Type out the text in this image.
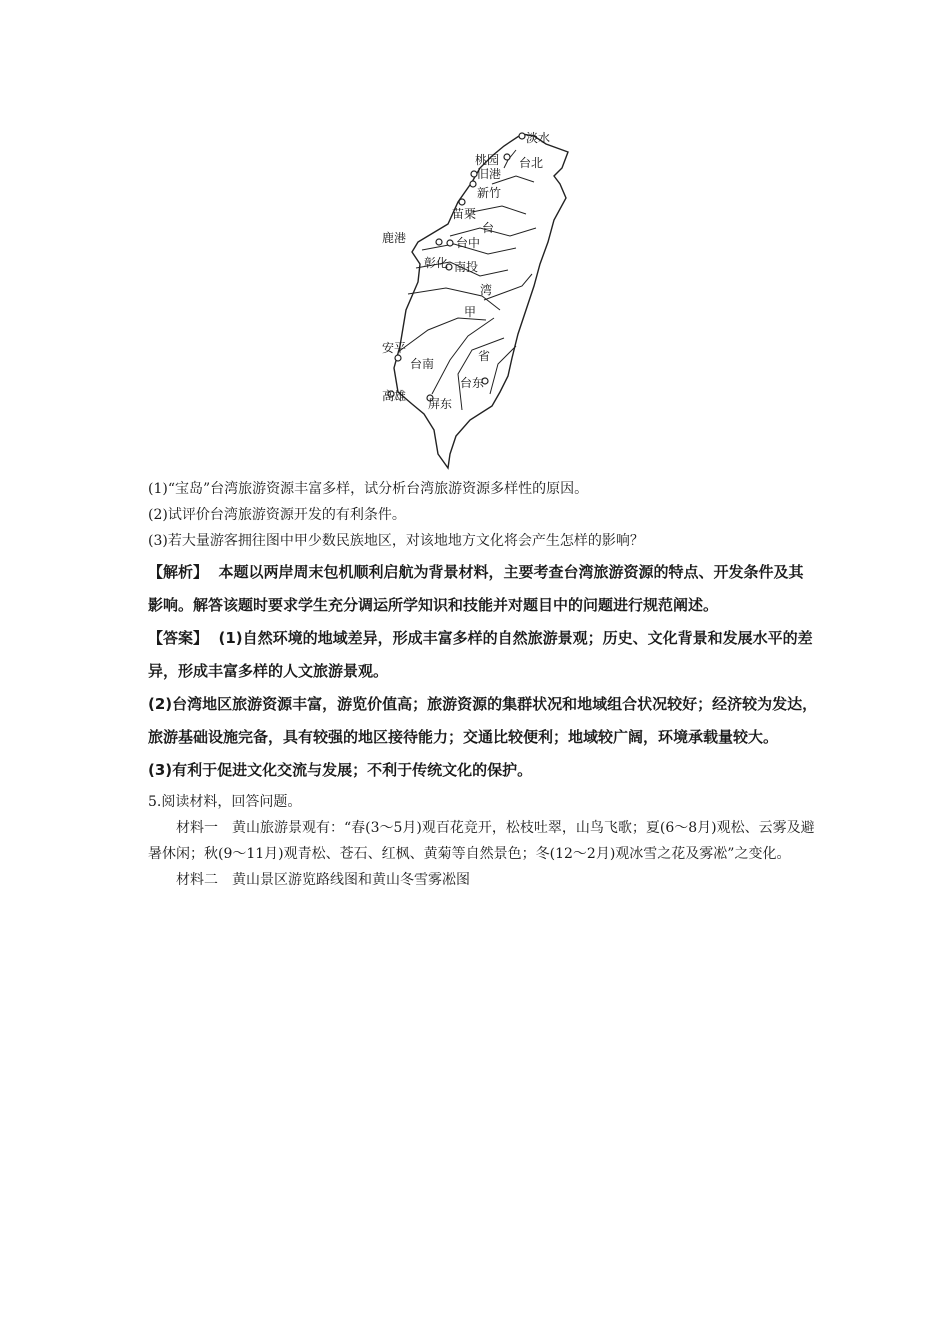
淡水
桃园 台北
旧港
新竹
苗栗
台
鹿港	台中
彰化 南投
湾
甲
省
安平
台南
台东
高雄
屏东

(1)“宝岛”台湾旅游资源丰富多样，试分析台湾旅游资源多样性的原因。

(2)试评价台湾旅游资源开发的有利条件。

(3)若大量游客拥往图中甲少数民族地区，对该地地方文化将会产生怎样的影响？

【解析】 本题以两岸周末包机顺利启航为背景材料，主要考查台湾旅游资源的特点、开发条件及其影响。解答该题时要求学生充分调运所学知识和技能并对题目中的问题进行规范阐述。

【答案】 (1)自然环境的地域差异，形成丰富多样的自然旅游景观；历史、文化背景和发展水平的差异，形成丰富多样的人文旅游景观。

(2)台湾地区旅游资源丰富，游览价值高；旅游资源的集群状况和地域组合状况较好；经济较为发达，旅游基础设施完备，具有较强的地区接待能力；交通比较便利；地域较广阔，环境承载量较大。

(3)有利于促进文化交流与发展；不利于传统文化的保护。

5.阅读材料，回答问题。

材料一　黄山旅游景观有：“春(3～5月)观百花竞开，松枝吐翠，山鸟飞歌；夏(6～8月)观松、云雾及避暑休闲；秋(9～11月)观青松、苍石、红枫、黄菊等自然景色；冬(12～2月)观冰雪之花及雾凇”之变化。

材料二　黄山景区游览路线图和黄山冬雪雾凇图
